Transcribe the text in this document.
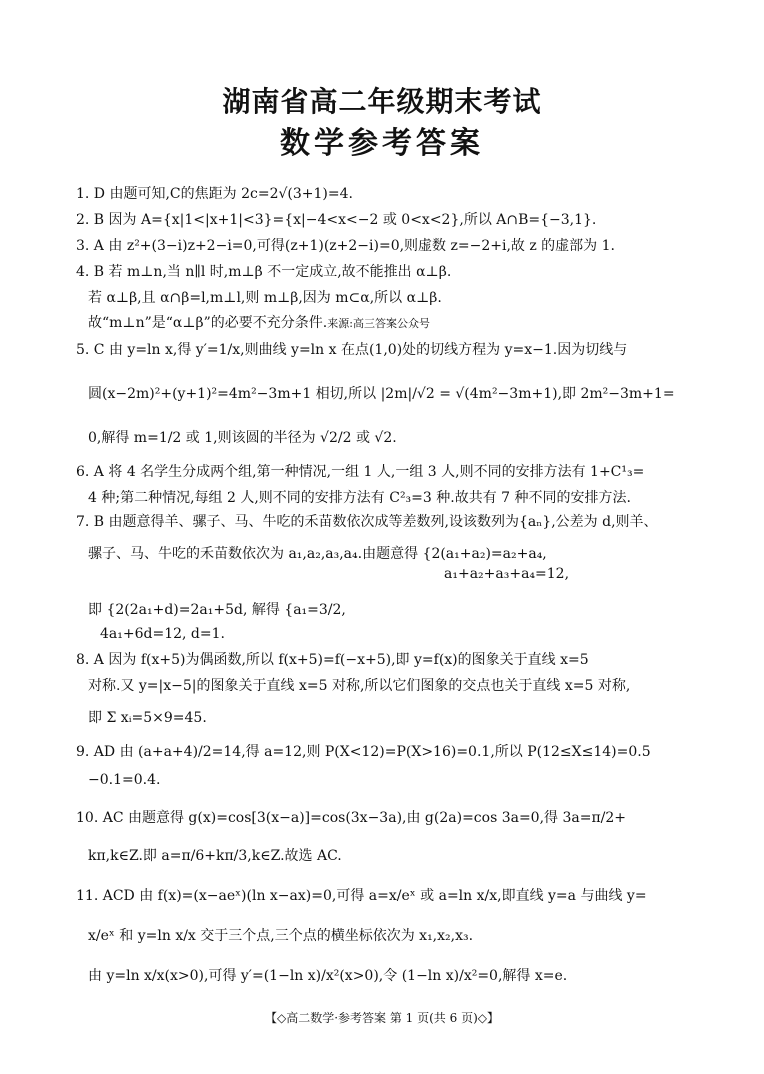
湖南省高二年级期末考试
数学参考答案
1. D 由题可知,C的焦距为 2c=2√(3+1)=4.
2. B 因为 A={x|1<|x+1|<3}={x|−4<x<−2 或 0<x<2},所以 A∩B={−3,1}.
3. A 由 z²+(3−i)z+2−i=0,可得(z+1)(z+2−i)=0,则虚数 z=−2+i,故 z 的虚部为 1.
4. B 若 m⊥n,当 n∥l 时,m⊥β 不一定成立,故不能推出 α⊥β.
若 α⊥β,且 α∩β=l,m⊥l,则 m⊥β,因为 m⊂α,所以 α⊥β.
故“m⊥n”是“α⊥β”的必要不充分条件.来源:高三答案公众号
5. C 由 y=ln x,得 y′=1/x,则曲线 y=ln x 在点(1,0)处的切线方程为 y=x−1.因为切线与
圆(x−2m)²+(y+1)²=4m²−3m+1 相切,所以 |2m|/√2 = √(4m²−3m+1),即 2m²−3m+1=
0,解得 m=1/2 或 1,则该圆的半径为 √2/2 或 √2.
6. A 将 4 名学生分成两个组,第一种情况,一组 1 人,一组 3 人,则不同的安排方法有 1+C¹₃=
4 种;第二种情况,每组 2 人,则不同的安排方法有 C²₃=3 种.故共有 7 种不同的安排方法.
7. B 由题意得羊、骡子、马、牛吃的禾苗数依次成等差数列,设该数列为{aₙ},公差为 d,则羊、
骡子、马、牛吃的禾苗数依次为 a₁,a₂,a₃,a₄.由题意得 {2(a₁+a₂)=a₂+a₄,
a₁+a₂+a₃+a₄=12,
即 {2(2a₁+d)=2a₁+5d, 解得 {a₁=3/2,
4a₁+6d=12, d=1.
8. A 因为 f(x+5)为偶函数,所以 f(x+5)=f(−x+5),即 y=f(x)的图象关于直线 x=5
对称.又 y=|x−5|的图象关于直线 x=5 对称,所以它们图象的交点也关于直线 x=5 对称,
即 Σ xᵢ=5×9=45.
9. AD 由 (a+a+4)/2=14,得 a=12,则 P(X<12)=P(X>16)=0.1,所以 P(12≤X≤14)=0.5
−0.1=0.4.
10. AC 由题意得 g(x)=cos[3(x−a)]=cos(3x−3a),由 g(2a)=cos 3a=0,得 3a=π/2+
kπ,k∈Z.即 a=π/6+kπ/3,k∈Z.故选 AC.
11. ACD 由 f(x)=(x−aeˣ)(ln x−ax)=0,可得 a=x/eˣ 或 a=ln x/x,即直线 y=a 与曲线 y=
x/eˣ 和 y=ln x/x 交于三个点,三个点的横坐标依次为 x₁,x₂,x₃.
由 y=ln x/x(x>0),可得 y′=(1−ln x)/x²(x>0),令 (1−ln x)/x²=0,解得 x=e.
【◇高二数学·参考答案 第 1 页(共 6 页)◇】
